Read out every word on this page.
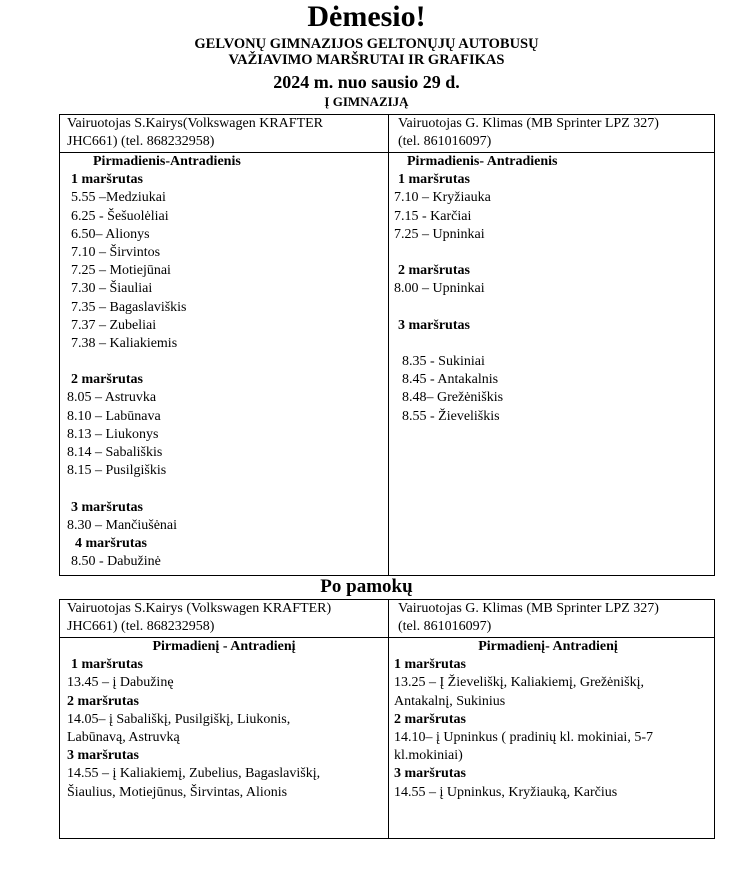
Dėmesio!
GELVONŲ GIMNAZIJOS GELTONŲJŲ AUTOBUSŲ
VAŽIAVIMO MARŠRUTAI IR GRAFIKAS
2024 m. nuo sausio 29 d.
Į GIMNAZIJĄ
Vairuotojas S.Kairys(Volkswagen KRAFTER
JHC661) (tel. 868232958)
Vairuotojas G. Klimas (MB Sprinter LPZ 327)
(tel. 861016097)
Pirmadienis-Antradienis
1 maršrutas
5.55 –Medziukai
6.25 - Šešuolėliai
6.50– Alionys
7.10 – Širvintos
7.25 – Motiejūnai
7.30 – Šiauliai
7.35 – Bagaslaviškis
7.37 – Zubeliai
7.38 – Kaliakiemis
2 maršrutas
8.05 – Astruvka
8.10 – Labūnava
8.13 – Liukonys
8.14 – Sabališkis
8.15 – Pusilgiškis
3 maršrutas
8.30 – Mančiušėnai
4 maršrutas
8.50 - Dabužinė
Pirmadienis- Antradienis
1 maršrutas
7.10 – Kryžiauka
7.15 - Karčiai
7.25 – Upninkai
2 maršrutas
8.00 – Upninkai
3 maršrutas
8.35 - Sukiniai
8.45 - Antakalnis
8.48– Grežėniškis
8.55 - Žieveliškis
Po pamokų
Vairuotojas S.Kairys (Volkswagen KRAFTER)
JHC661) (tel. 868232958)
Vairuotojas G. Klimas (MB Sprinter LPZ 327)
(tel. 861016097)
Pirmadienį - Antradienį
1 maršrutas
13.45 – į Dabužinę
2 maršrutas
14.05– į Sabališkį, Pusilgiškį, Liukonis,
Labūnavą, Astruvką
3 maršrutas
14.55 – į Kaliakiemį, Zubelius, Bagaslaviškį,
Šiaulius, Motiejūnus, Širvintas, Alionis
Pirmadienį- Antradienį
1 maršrutas
13.25 – Į Žieveliškį, Kaliakiemį, Grežėniškį,
Antakalnį, Sukinius
2 maršrutas
14.10– į Upninkus ( pradinių kl. mokiniai, 5-7
kl.mokiniai)
3 maršrutas
14.55 – į Upninkus, Kryžiauką, Karčius
